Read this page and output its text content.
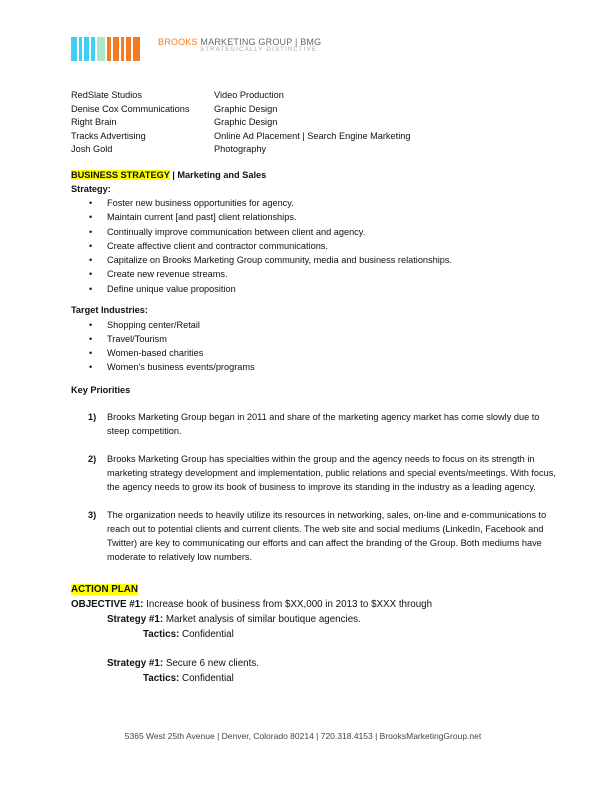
BROOKS MARKETING GROUP | BMG
STRATEGICALLY DISTINCTIVE
RedSlate Studios	Video Production
Denise Cox Communications	Graphic Design
Right Brain	Graphic Design
Tracks Advertising	Online Ad Placement | Search Engine Marketing
Josh Gold	Photography
BUSINESS STRATEGY | Marketing and Sales
Strategy:
• Foster new business opportunities for agency.
• Maintain current [and past] client relationships.
• Continually improve communication between client and agency.
• Create affective client and contractor communications.
• Capitalize on Brooks Marketing Group community, media and business relationships.
• Create new revenue streams.
• Define unique value proposition
Target Industries:
• Shopping center/Retail
• Travel/Tourism
• Women-based charities
• Women's business events/programs
Key Priorities
1) Brooks Marketing Group began in 2011 and share of the marketing agency market has come slowly due to steep competition.
2) Brooks Marketing Group has specialties within the group and the agency needs to focus on its strength in marketing strategy development and implementation, public relations and special events/meetings. With focus, the agency needs to grow its book of business to improve its standing in the industry as a leading agency.
3) The organization needs to heavily utilize its resources in networking, sales, on-line and e-communications to reach out to potential clients and current clients. The web site and social mediums (LinkedIn, Facebook and Twitter) are key to communicating our efforts and can affect the branding of the Group. Both mediums have moderate to relatively low numbers.
ACTION PLAN
OBJECTIVE #1: Increase book of business from $XX,000 in 2013 to $XXX through
Strategy #1: Market analysis of similar boutique agencies.
Tactics: Confidential
Strategy #1: Secure 6 new clients.
Tactics: Confidential
5365 West 25th Avenue | Denver, Colorado 80214 | 720.318.4153 | BrooksMarketingGroup.net
